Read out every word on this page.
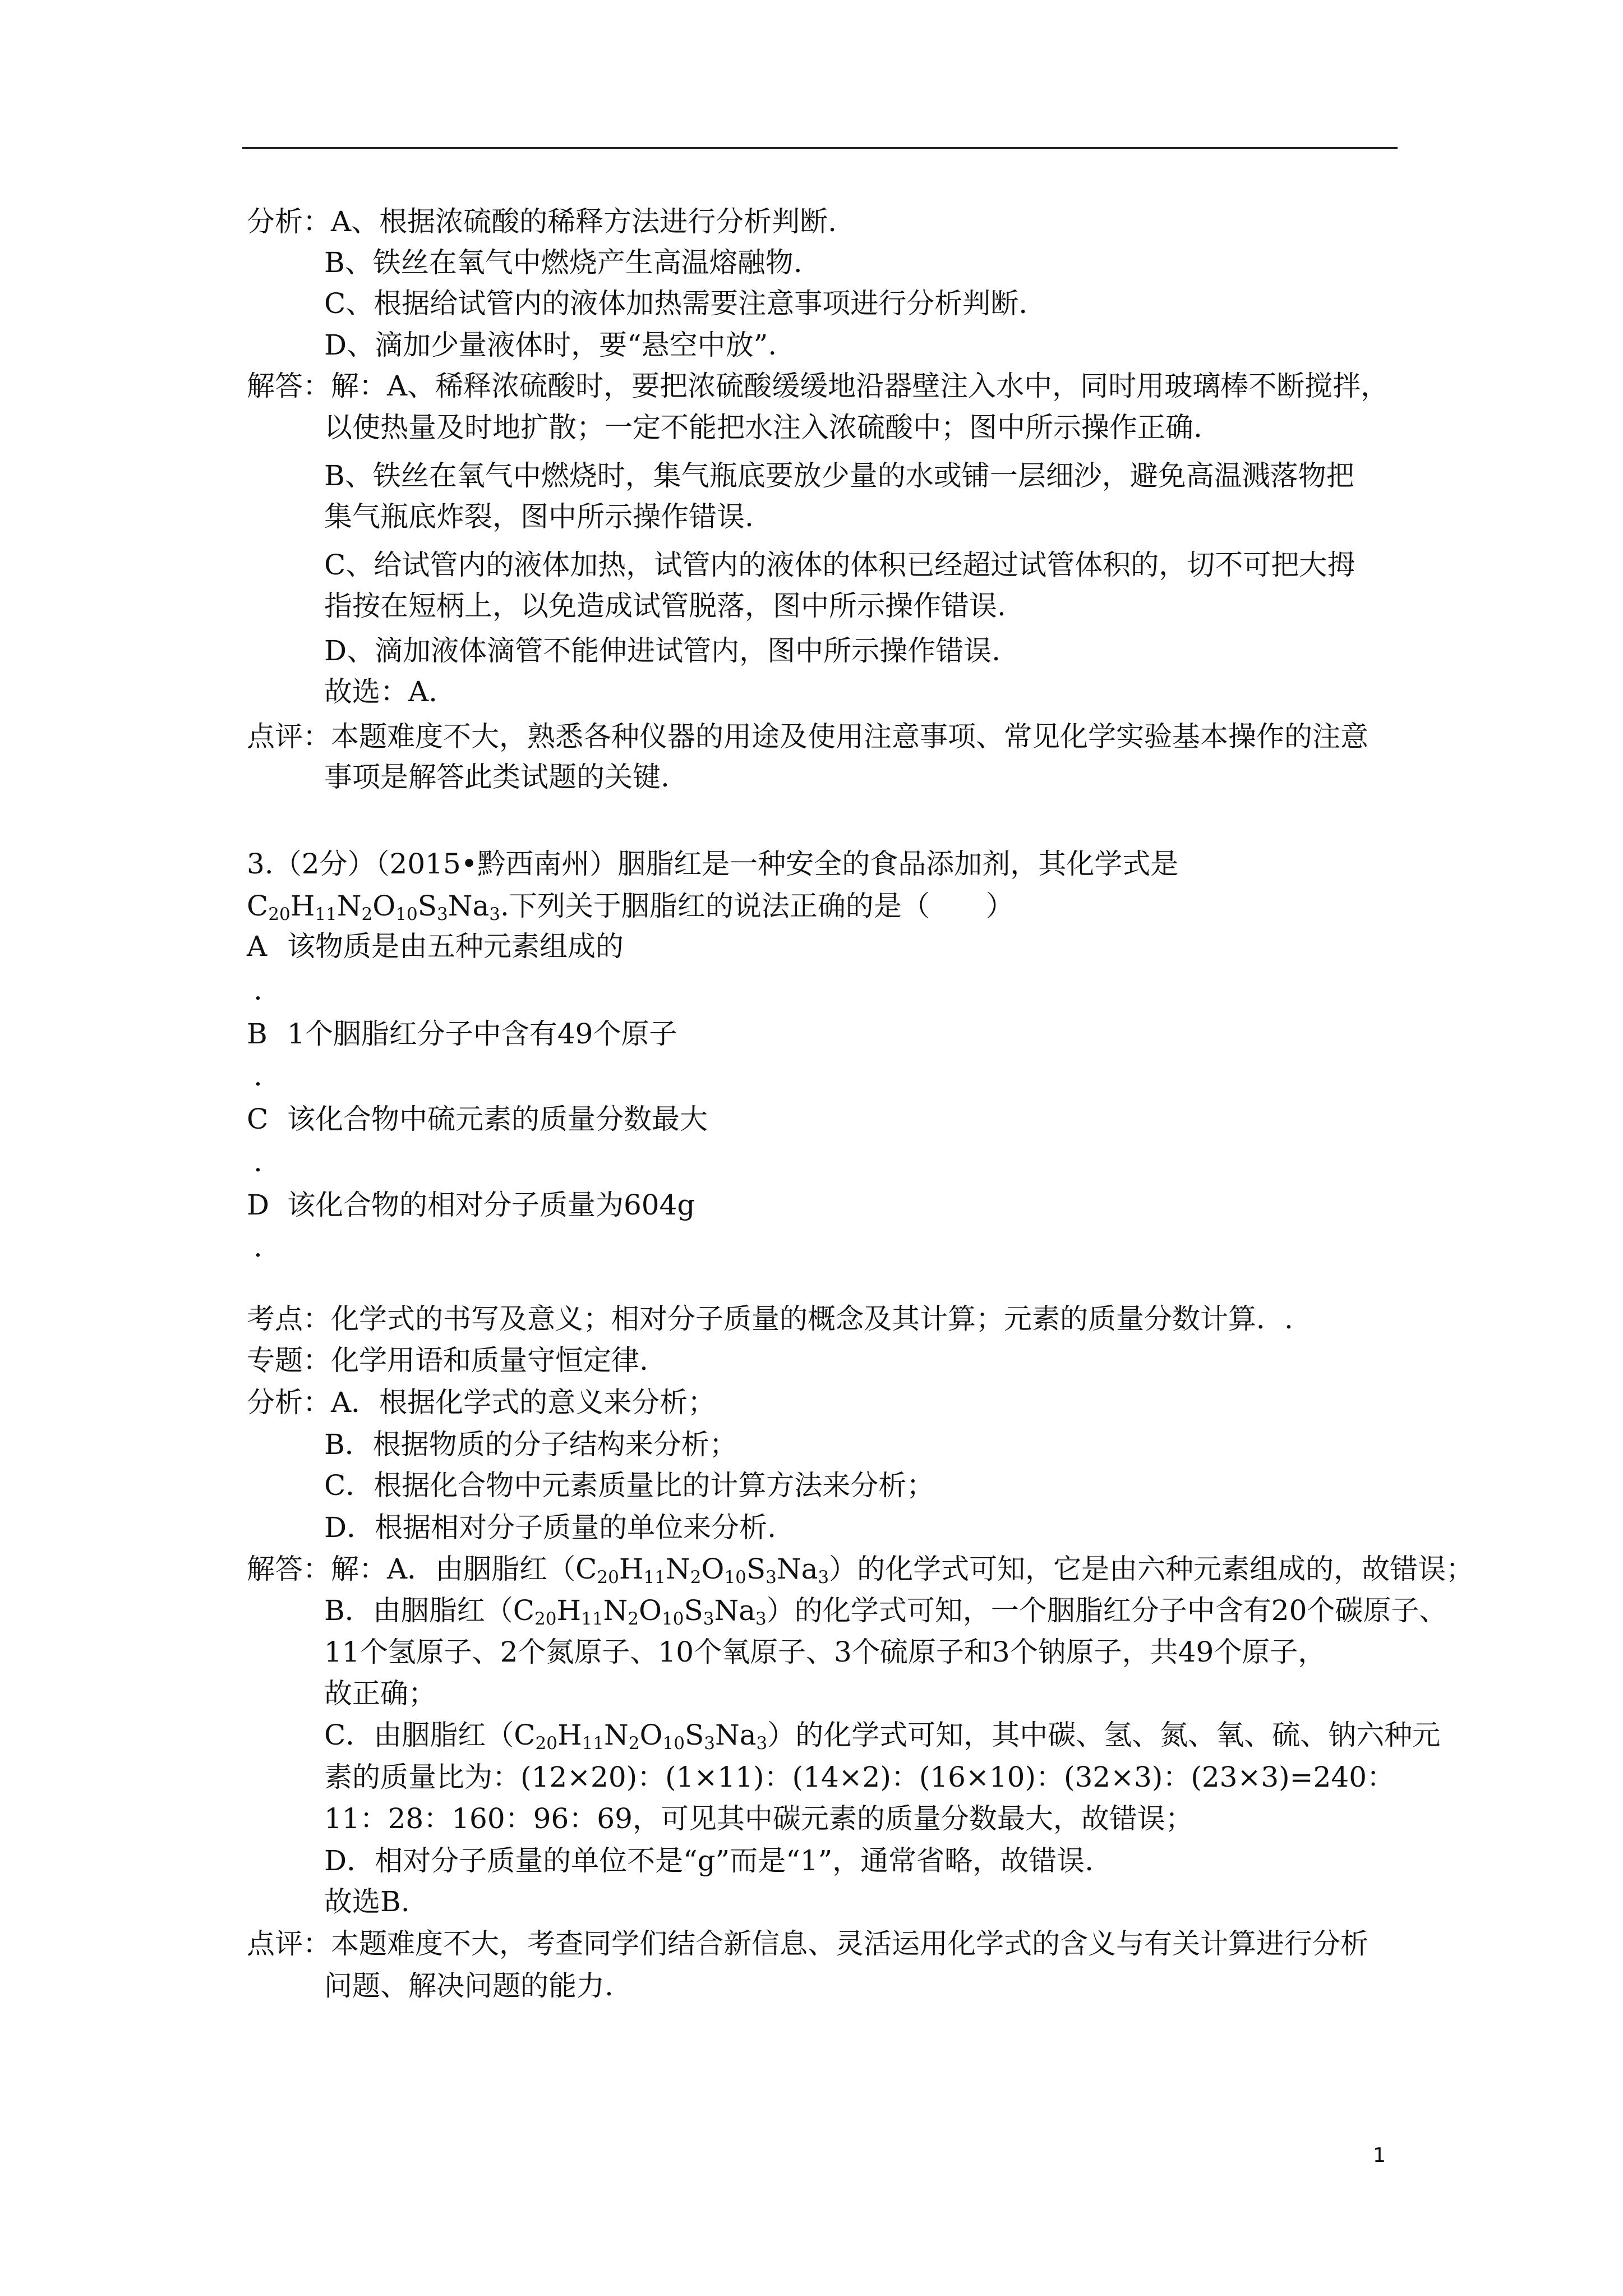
分析：A、根据浓硫酸的稀释方法进行分析判断.
B、铁丝在氧气中燃烧产生高温熔融物.
C、根据给试管内的液体加热需要注意事项进行分析判断.
D、滴加少量液体时，要“悬空中放”.
解答：解：A、稀释浓硫酸时，要把浓硫酸缓缓地沿器壁注入水中，同时用玻璃棒不断搅拌，
以使热量及时地扩散；一定不能把水注入浓硫酸中；图中所示操作正确.
B、铁丝在氧气中燃烧时，集气瓶底要放少量的水或铺一层细沙，避免高温溅落物把
集气瓶底炸裂，图中所示操作错误.
C、给试管内的液体加热，试管内的液体的体积已经超过试管体积的，切不可把大拇
指按在短柄上，以免造成试管脱落，图中所示操作错误.
D、滴加液体滴管不能伸进试管内，图中所示操作错误.
故选：A.
点评：本题难度不大，熟悉各种仪器的用途及使用注意事项、常见化学实验基本操作的注意
事项是解答此类试题的关键.
3.（2分）（2015•黔西南州）胭脂红是一种安全的食品添加剂，其化学式是
$C_{20}H_{11}N_2O_{10}S_3Na_3$.下列关于胭脂红的说法正确的是（　　）
A 该物质是由五种元素组成的
.
B 1个胭脂红分子中含有49个原子
.
C 该化合物中硫元素的质量分数最大
.
D 该化合物的相对分子质量为604g
.
考点：化学式的书写及意义；相对分子质量的概念及其计算；元素的质量分数计算．.
专题：化学用语和质量守恒定律.
分析：A．根据化学式的意义来分析；
B．根据物质的分子结构来分析；
C．根据化合物中元素质量比的计算方法来分析；
D．根据相对分子质量的单位来分析.
解答：解：A．由胭脂红$(C_{20}H_{11}N_2O_{10}S_3Na_3)$的化学式可知，它是由六种元素组成的，故错误；
B．由胭脂红$(C_{20}H_{11}N_2O_{10}S_3Na_3)$的化学式可知，一个胭脂红分子中含有20个碳原子、
11个氢原子、2个氮原子、10个氧原子、3个硫原子和3个钠原子，共49个原子，
故正确；
C．由胭脂红$(C_{20}H_{11}N_2O_{10}S_3Na_3)$的化学式可知，其中碳、氢、氮、氧、硫、钠六种元
素的质量比为：(12×20)：(1×11)：(14×2)：(16×10)：(32×3)：(23×3)=240：
11：28：160：96：69，可见其中碳元素的质量分数最大，故错误；
D．相对分子质量的单位不是“g”而是“1”，通常省略，故错误.
故选B.
点评：本题难度不大，考查同学们结合新信息、灵活运用化学式的含义与有关计算进行分析
问题、解决问题的能力.
1
